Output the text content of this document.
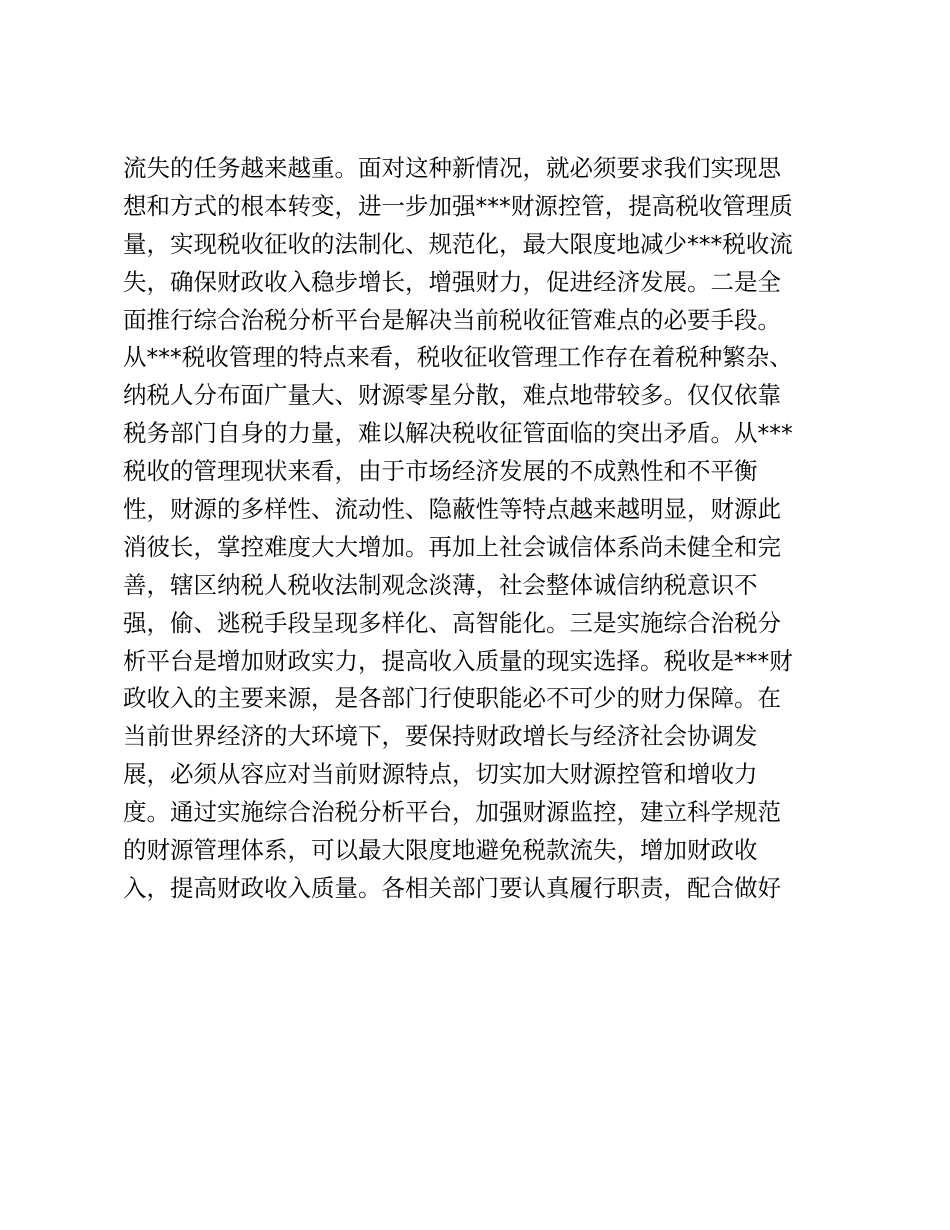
流失的任务越来越重。面对这种新情况，就必须要求我们实现思
想和方式的根本转变，进一步加强***财源控管，提高税收管理质
量，实现税收征收的法制化、规范化，最大限度地减少***税收流
失，确保财政收入稳步增长，增强财力，促进经济发展。二是全
面推行综合治税分析平台是解决当前税收征管难点的必要手段。
从***税收管理的特点来看，税收征收管理工作存在着税种繁杂、
纳税人分布面广量大、财源零星分散，难点地带较多。仅仅依靠
税务部门自身的力量，难以解决税收征管面临的突出矛盾。从***
税收的管理现状来看，由于市场经济发展的不成熟性和不平衡
性，财源的多样性、流动性、隐蔽性等特点越来越明显，财源此
消彼长，掌控难度大大增加。再加上社会诚信体系尚未健全和完
善，辖区纳税人税收法制观念淡薄，社会整体诚信纳税意识不
强，偷、逃税手段呈现多样化、高智能化。三是实施综合治税分
析平台是增加财政实力，提高收入质量的现实选择。税收是***财
政收入的主要来源，是各部门行使职能必不可少的财力保障。在
当前世界经济的大环境下，要保持财政增长与经济社会协调发
展，必须从容应对当前财源特点，切实加大财源控管和增收力
度。通过实施综合治税分析平台，加强财源监控，建立科学规范
的财源管理体系，可以最大限度地避免税款流失，增加财政收
入，提高财政收入质量。各相关部门要认真履行职责，配合做好
